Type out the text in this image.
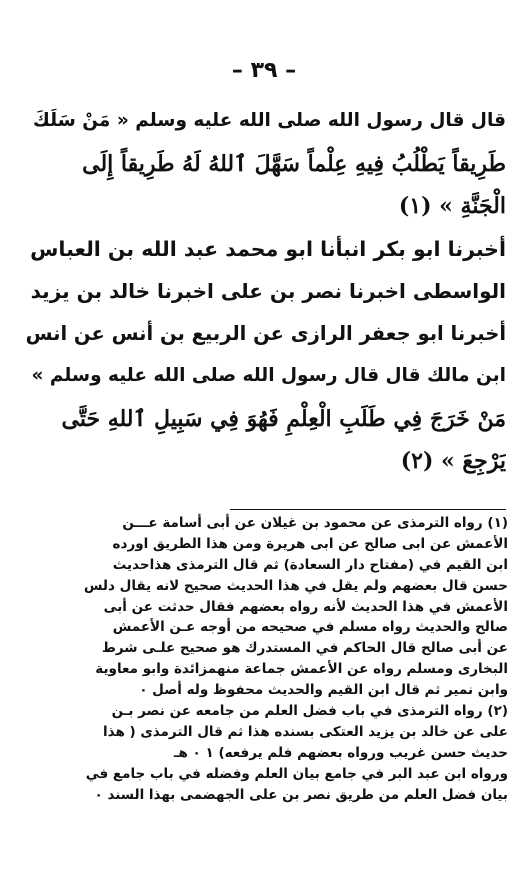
– ٣٩ –
قال قال رسول الله صلى الله عليه وسلم « مَنْ سَلَكَ
طَرِيقاً يَطْلُبُ فِيهِ عِلْماً سَهَّلَ ٱللهُ لَهُ طَرِيقاً إِلَى
الْجَنَّةِ » (١)
أخبرنا ابو بكر انبأنا ابو محمد عبد الله بن العباس
الواسطى اخبرنا نصر بن على اخبرنا خالد بن يزيد
أخبرنا ابو جعفر الرازى عن الربيع بن أنس عن انس
ابن مالك قال قال رسول الله صلى الله عليه وسلم »
مَنْ خَرَجَ فِي طَلَبِ الْعِلْمِ فَهُوَ فِي سَبِيلِ ٱللهِ حَتَّى
يَرْجِعَ » (٢)
(١) رواه الترمذى عن محمود بن غيلان عن أبى أسامة عـــن
الأعمش عن ابى صالح عن ابى هريرة ومن هذا الطريق اورده
ابن القيم في (مفتاح دار السعادة) ثم قال الترمذى هذاحديث
حسن قال بعضهم ولم يقل في هذا الحديث صحيح لانه يقال دلس
الأعمش في هذا الحديث لأنه رواه بعضهم فقال حدثت عن أبى
صالح والحديث رواه مسلم في صحيحه من أوجه عـن الأعمش
عن أبى صالح قال الحاكم في المستدرك هو صحيح علـى شرط
البخارى ومسلم رواه عن الأعمش جماعة منهمزائدة وابو معاوية
وابن نمير ثم قال ابن القيم والحديث محفوظ وله أصل ٠
(٢) رواه الترمذى في باب فضل العلم من جامعه عن نصر بـن
على عن خالد بن يزيد العتكى بسنده هذا ثم قال الترمذى ( هذا
حديث حسن غريب ورواه بعضهم فلم يرفعه) ١ ٠ هـ
ورواه ابن عبد البر في جامع بيان العلم وفضله في باب جامع في
بيان فضل العلم من طريق نصر بن على الجهضمى بهذا السند ٠
